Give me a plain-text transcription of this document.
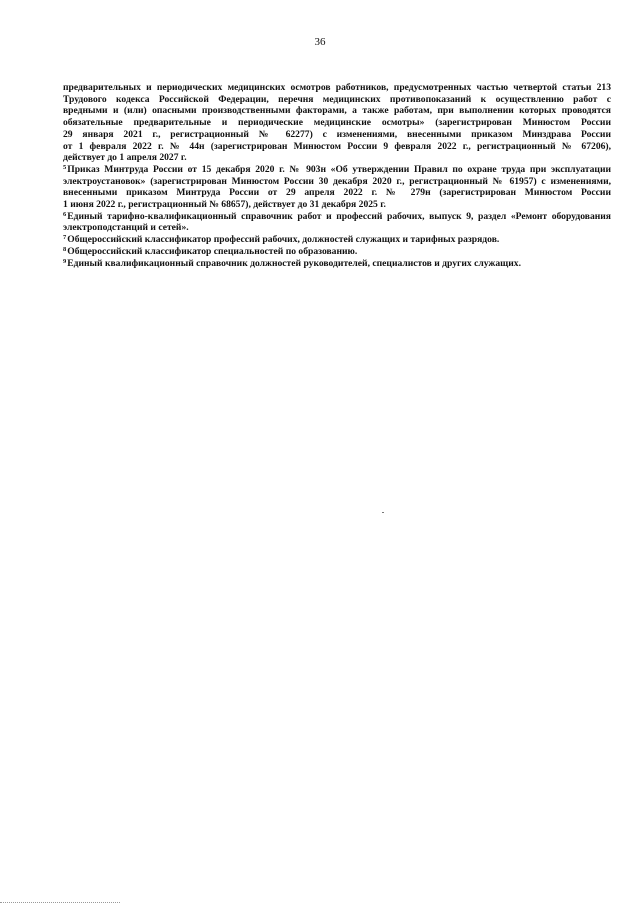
36
предварительных и периодических медицинских осмотров работников, предусмотренных частью четвертой статьи 213
Трудового кодекса Российской Федерации, перечня медицинских противопоказаний к осуществлению работ с
вредными и (или) опасными производственными факторами, а также работам, при выполнении которых проводятся
обязательные предварительные и периодические медицинские осмотры» (зарегистрирован Минюстом России
29 января 2021 г., регистрационный № 62277) с изменениями, внесенными приказом Минздрава России
от 1 февраля 2022 г. № 44н (зарегистрирован Минюстом России 9 февраля 2022 г., регистрационный № 67206),
действует до 1 апреля 2027 г.
$^5$Приказ Минтруда России от 15 декабря 2020 г. № 903н «Об утверждении Правил по охране труда при эксплуатации
электроустановок» (зарегистрирован Минюстом России 30 декабря 2020 г., регистрационный № 61957) с изменениями,
внесенными приказом Минтруда России от 29 апреля 2022 г. № 279н (зарегистрирован Минюстом России
1 июня 2022 г., регистрационный № 68657), действует до 31 декабря 2025 г.
$^6$Единый тарифно-квалификационный справочник работ и профессий рабочих, выпуск 9, раздел «Ремонт оборудования
электроподстанций и сетей».
$^7$Общероссийский классификатор профессий рабочих, должностей служащих и тарифных разрядов.
$^8$Общероссийский классификатор специальностей по образованию.
$^9$Единый квалификационный справочник должностей руководителей, специалистов и других служащих.
